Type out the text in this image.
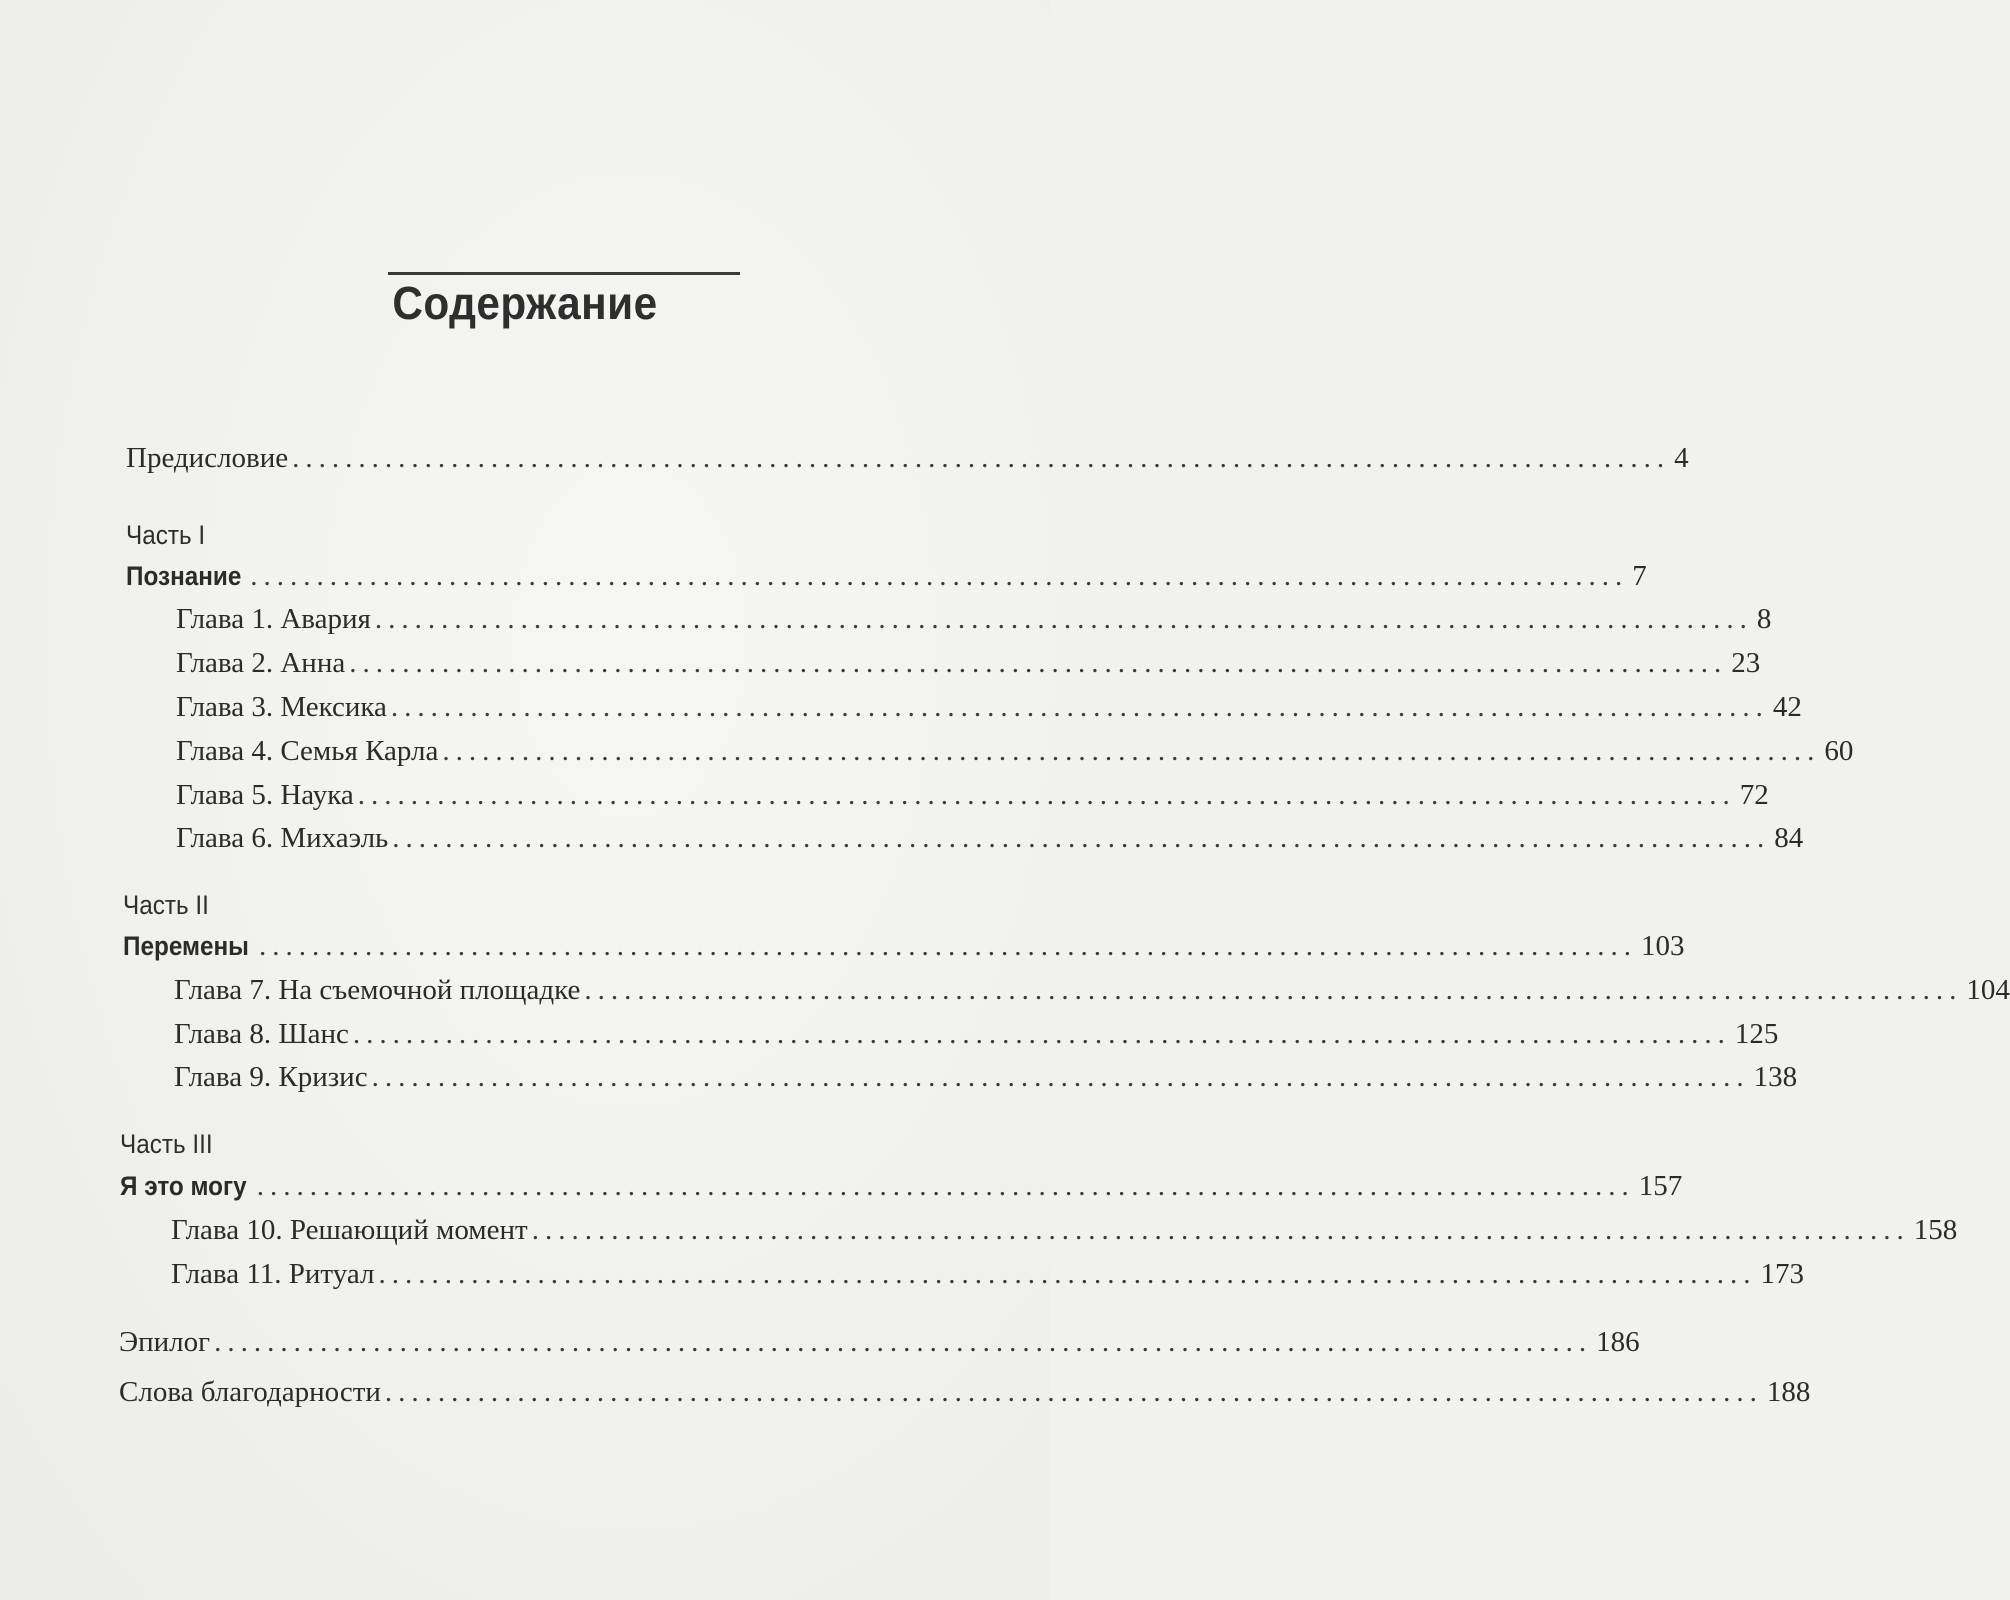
Содержание
Предисловие ........................................................................................................ 4
Часть I
Познание ........................................................................................................ 7
Глава 1. Авария ........................................................................................................ 8
Глава 2. Анна ........................................................................................................ 23
Глава 3. Мексика ........................................................................................................ 42
Глава 4. Семья Карла ........................................................................................................ 60
Глава 5. Наука ........................................................................................................ 72
Глава 6. Михаэль ........................................................................................................ 84
Часть II
Перемены ........................................................................................................ 103
Глава 7. На съемочной площадке ........................................................................................................ 104
Глава 8. Шанс ........................................................................................................ 125
Глава 9. Кризис ........................................................................................................ 138
Часть III
Я это могу ........................................................................................................ 157
Глава 10. Решающий момент ........................................................................................................ 158
Глава 11. Ритуал ........................................................................................................ 173
Эпилог ........................................................................................................ 186
Слова благодарности ........................................................................................................ 188
